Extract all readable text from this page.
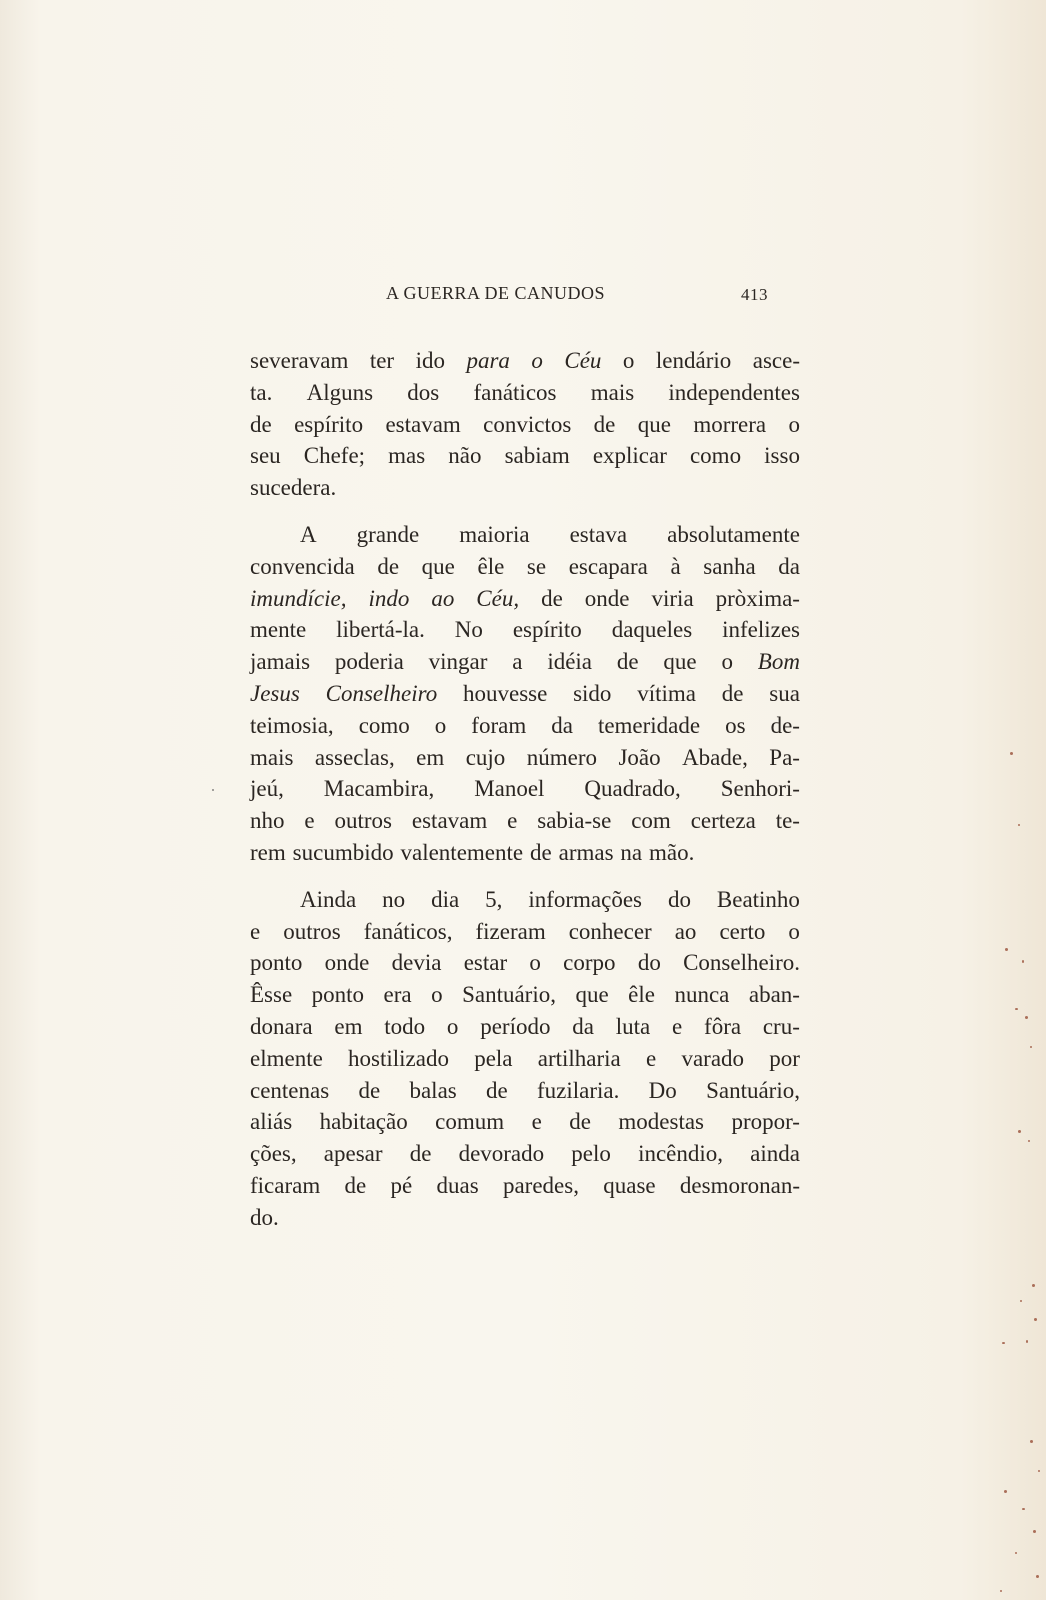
A GUERRA DE CANUDOS	413
severavam ter ido para o Céu o lendário asce-
ta. Alguns dos fanáticos mais independentes
de espírito estavam convictos de que morrera o
seu Chefe; mas não sabiam explicar como isso
sucedera.
A grande maioria estava absolutamente
convencida de que êle se escapara à sanha da
imundície, indo ao Céu, de onde viria pròxima-
mente libertá-la. No espírito daqueles infelizes
jamais poderia vingar a idéia de que o Bom
Jesus Conselheiro houvesse sido vítima de sua
teimosia, como o foram da temeridade os de-
mais asseclas, em cujo número João Abade, Pa-
jeú, Macambira, Manoel Quadrado, Senhori-
nho e outros estavam e sabia-se com certeza te-
rem sucumbido valentemente de armas na mão.
Ainda no dia 5, informações do Beatinho
e outros fanáticos, fizeram conhecer ao certo o
ponto onde devia estar o corpo do Conselheiro.
Êsse ponto era o Santuário, que êle nunca aban-
donara em todo o período da luta e fôra cru-
elmente hostilizado pela artilharia e varado por
centenas de balas de fuzilaria. Do Santuário,
aliás habitação comum e de modestas propor-
ções, apesar de devorado pelo incêndio, ainda
ficaram de pé duas paredes, quase desmoronan-
do.
